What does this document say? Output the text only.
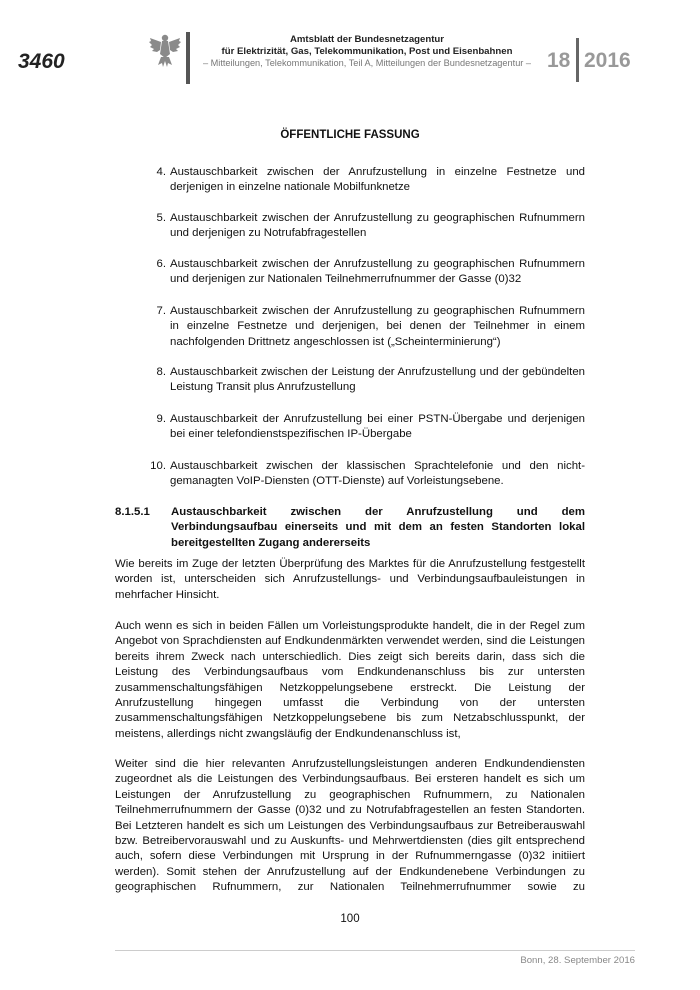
3460
Amtsblatt der Bundesnetzagentur
für Elektrizität, Gas, Telekommunikation, Post und Eisenbahnen
– Mitteilungen, Telekommunikation, Teil A, Mitteilungen der Bundesnetzagentur – 18 2016
ÖFFENTLICHE FASSUNG
4. Austauschbarkeit zwischen der Anrufzustellung in einzelne Festnetze und derjenigen in einzelne nationale Mobilfunknetze
5. Austauschbarkeit zwischen der Anrufzustellung zu geographischen Rufnummern und derjenigen zu Notrufabfragestellen
6. Austauschbarkeit zwischen der Anrufzustellung zu geographischen Rufnummern und derjenigen zur Nationalen Teilnehmerrufnummer der Gasse (0)32
7. Austauschbarkeit zwischen der Anrufzustellung zu geographischen Rufnummern in einzelne Festnetze und derjenigen, bei denen der Teilnehmer in einem nachfolgenden Drittnetz angeschlossen ist („Scheinterminierung“)
8. Austauschbarkeit zwischen der Leistung der Anrufzustellung und der gebündelten Leistung Transit plus Anrufzustellung
9. Austauschbarkeit der Anrufzustellung bei einer PSTN-Übergabe und derjenigen bei einer telefondienstspezifischen IP-Übergabe
10. Austauschbarkeit zwischen der klassischen Sprachtelefonie und den nicht-gemanagten VoIP-Diensten (OTT-Dienste) auf Vorleistungsebene.
8.1.5.1 Austauschbarkeit zwischen der Anrufzustellung und dem Verbindungsaufbau einerseits und mit dem an festen Standorten lokal bereitgestellten Zugang andererseits
Wie bereits im Zuge der letzten Überprüfung des Marktes für die Anrufzustellung festgestellt worden ist, unterscheiden sich Anrufzustellungs- und Verbindungsaufbauleistungen in mehrfacher Hinsicht.
Auch wenn es sich in beiden Fällen um Vorleistungsprodukte handelt, die in der Regel zum Angebot von Sprachdiensten auf Endkundenmärkten verwendet werden, sind die Leistungen bereits ihrem Zweck nach unterschiedlich. Dies zeigt sich bereits darin, dass sich die Leistung des Verbindungsaufbaus vom Endkundenanschluss bis zur untersten zusammenschaltungsfähigen Netzkoppelungsebene erstreckt. Die Leistung der Anrufzustellung hingegen umfasst die Verbindung von der untersten zusammenschaltungsfähigen Netzkoppelungsebene bis zum Netzabschlusspunkt, der meistens, allerdings nicht zwangsläufig der Endkundenanschluss ist,
Weiter sind die hier relevanten Anrufzustellungsleistungen anderen Endkundendiensten zugeordnet als die Leistungen des Verbindungsaufbaus. Bei ersteren handelt es sich um Leistungen der Anrufzustellung zu geographischen Rufnummern, zu Nationalen Teilnehmerrufnummern der Gasse (0)32 und zu Notrufabfragestellen an festen Standorten. Bei Letzteren handelt es sich um Leistungen des Verbindungsaufbaus zur Betreiberauswahl bzw. Betreibervorauswahl und zu Auskunfts- und Mehrwertdiensten (dies gilt entsprechend auch, sofern diese Verbindungen mit Ursprung in der Rufnummerngasse (0)32 initiiert werden). Somit stehen der Anrufzustellung auf der Endkundenebene Verbindungen zu geographischen Rufnummern, zur Nationalen Teilnehmerrufnummer sowie zu
100
Bonn, 28. September 2016
